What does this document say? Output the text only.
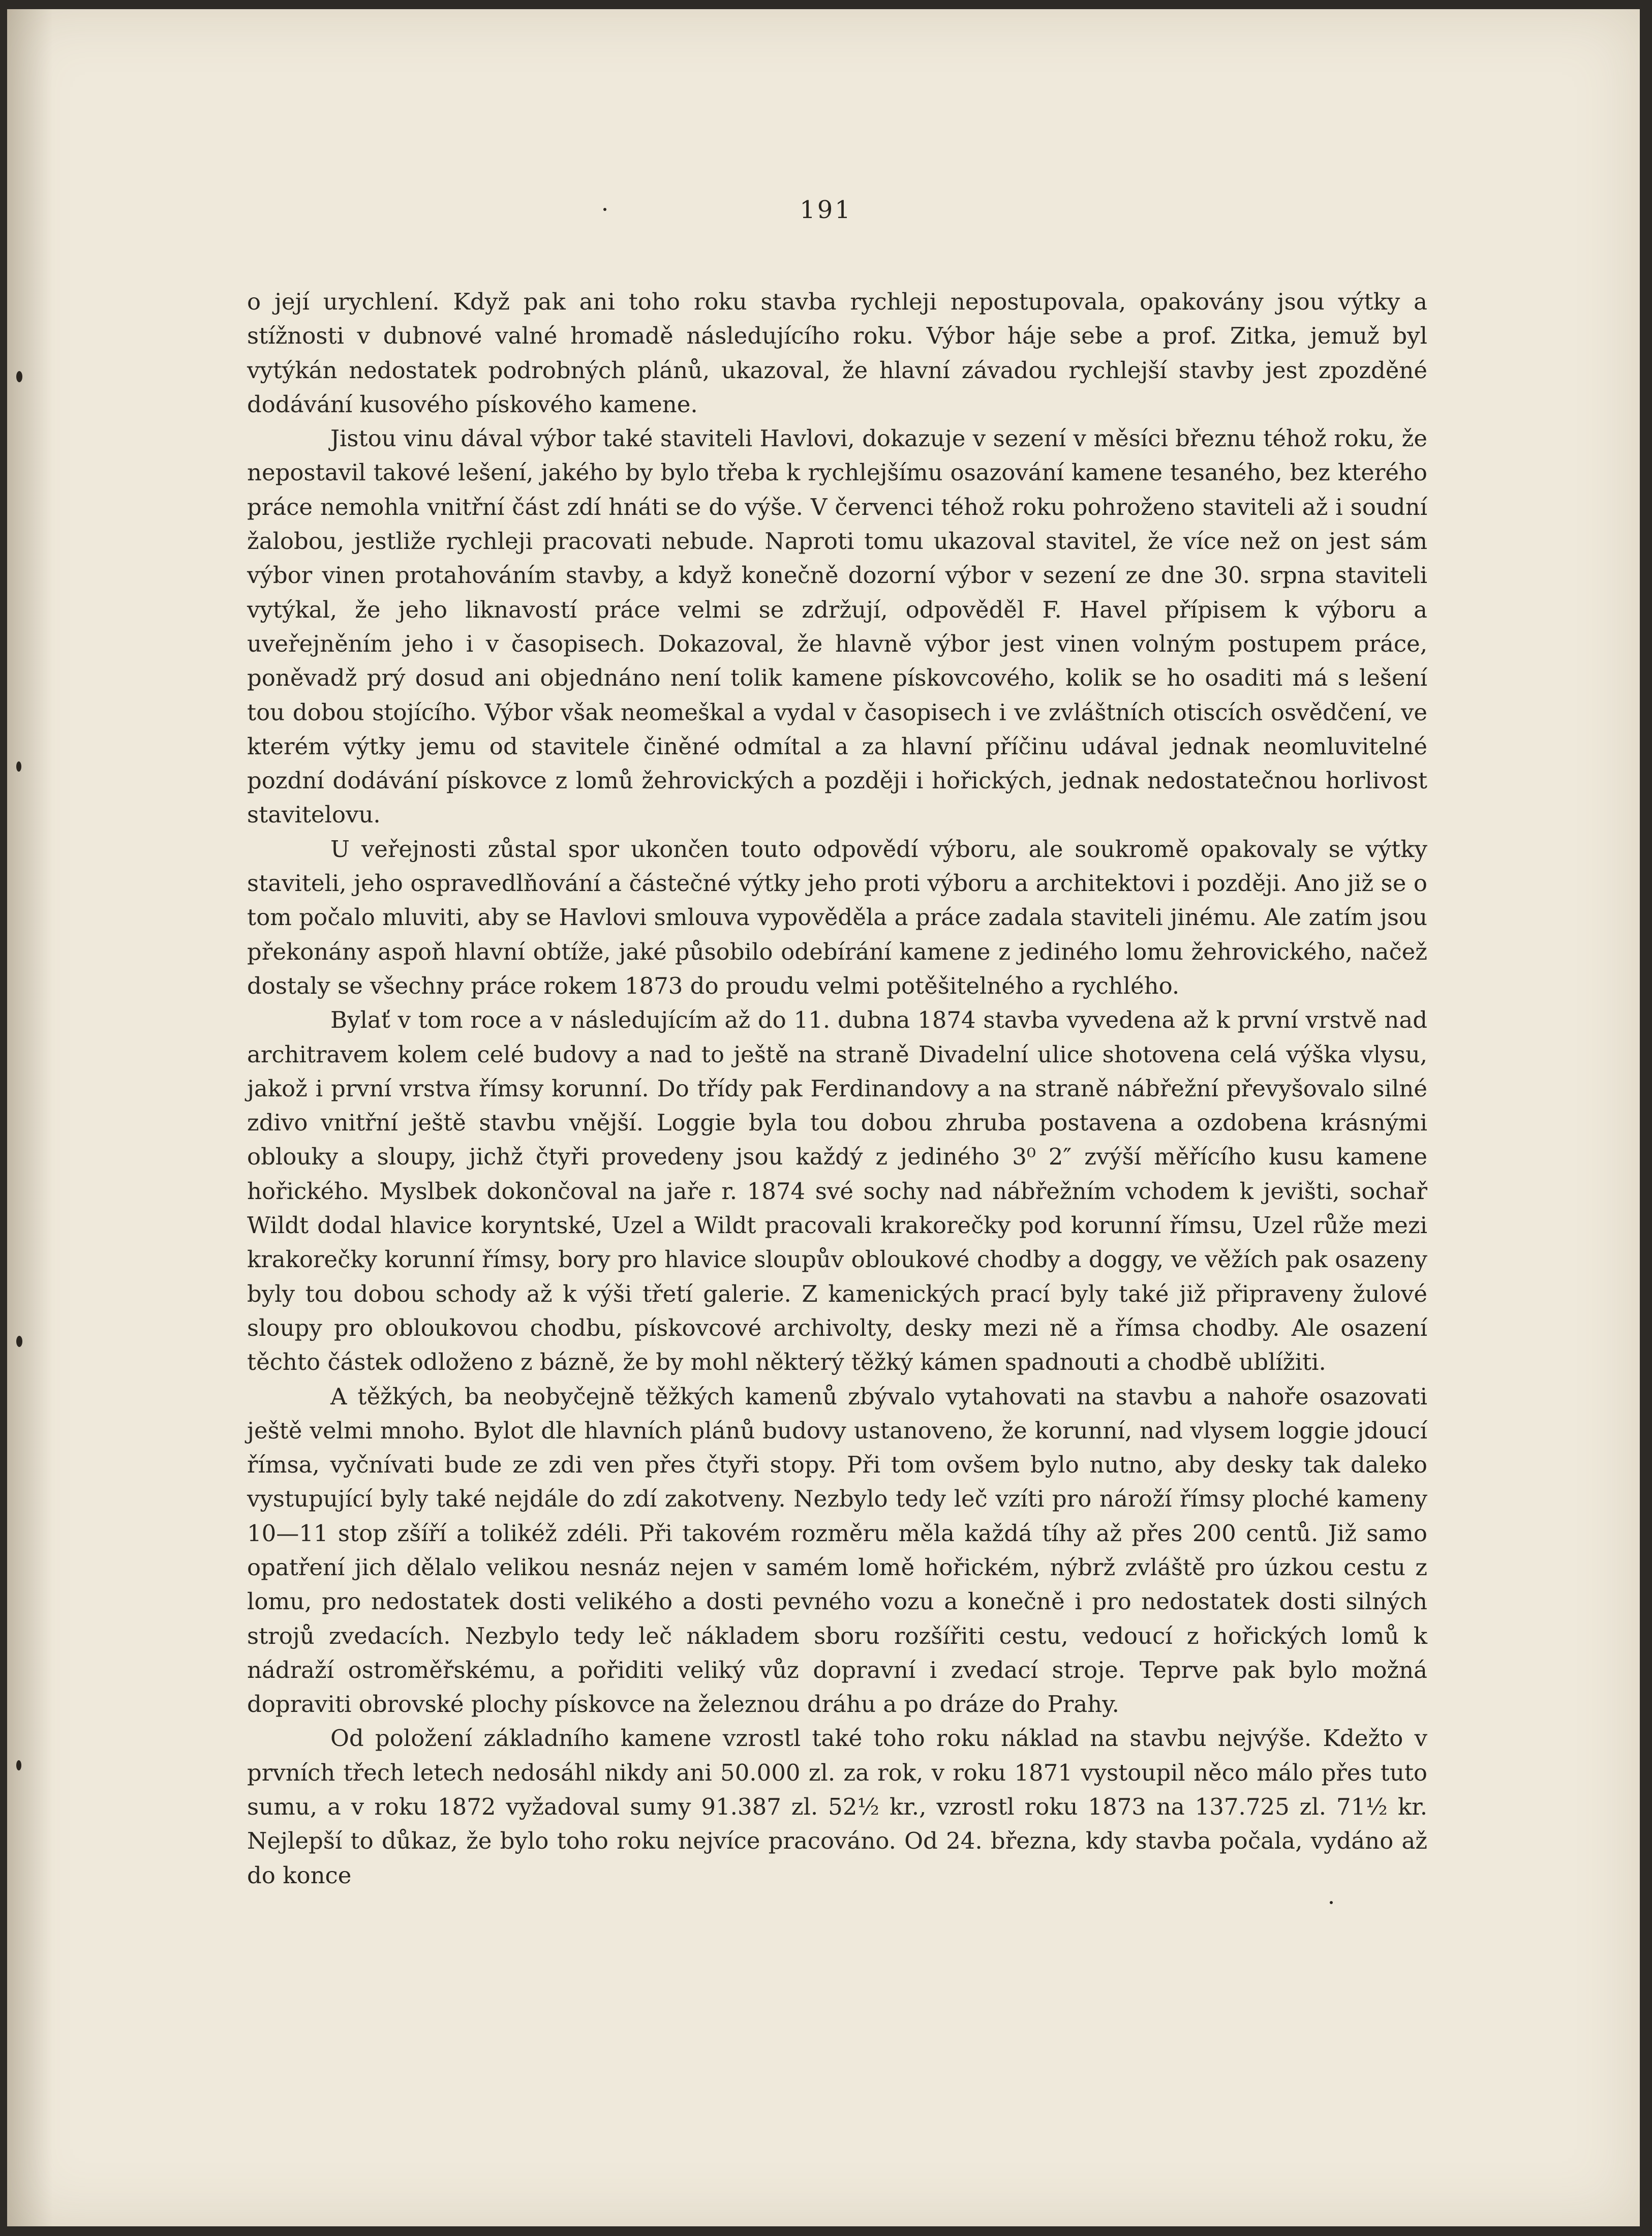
191

o její urychlení. Když pak ani toho roku stavba rychleji nepostupovala, opakovány jsou výtky a stížnosti v dubnové valné hromadě následujícího roku. Výbor háje sebe a prof. Zitka, jemuž byl vytýkán nedostatek podrobných plánů, ukazoval, že hlavní závadou rychlejší stavby jest zpozděné dodávání kusového pískového kamene.

Jistou vinu dával výbor také staviteli Havlovi, dokazuje v sezení v měsíci březnu téhož roku, že nepostavil takové lešení, jakého by bylo třeba k rychlejšímu osazování kamene tesaného, bez kterého práce nemohla vnitřní část zdí hnáti se do výše. V červenci téhož roku pohroženo staviteli až i soudní žalobou, jestliže rychleji pracovati nebude. Naproti tomu ukazoval stavitel, že více než on jest sám výbor vinen protahováním stavby, a když konečně dozorní výbor v sezení ze dne 30. srpna staviteli vytýkal, že jeho liknavostí práce velmi se zdržují, odpověděl F. Havel přípisem k výboru a uveřejněním jeho i v časopisech. Dokazoval, že hlavně výbor jest vinen volným postupem práce, poněvadž prý dosud ani objednáno není tolik kamene pískovcového, kolik se ho osaditi má s lešení tou dobou stojícího. Výbor však neomeškal a vydal v časopisech i ve zvláštních otiscích osvědčení, ve kterém výtky jemu od stavitele činěné odmítal a za hlavní příčinu udával jednak neomluvitelné pozdní dodávání pískovce z lomů žehrovických a později i hořických, jednak nedostatečnou horlivost stavitelovu.

U veřejnosti zůstal spor ukončen touto odpovědí výboru, ale soukromě opakovaly se výtky staviteli, jeho ospravedlňování a částečné výtky jeho proti výboru a architektovi i později. Ano již se o tom počalo mluviti, aby se Havlovi smlouva vypověděla a práce zadala staviteli jinému. Ale zatím jsou překonány aspoň hlavní obtíže, jaké působilo odebírání kamene z jediného lomu žehrovického, načež dostaly se všechny práce rokem 1873 do proudu velmi potěšitelného a rychlého.

Bylať v tom roce a v následujícím až do 11. dubna 1874 stavba vyvedena až k první vrstvě nad architravem kolem celé budovy a nad to ještě na straně Divadelní ulice shotovena celá výška vlysu, jakož i první vrstva římsy korunní. Do třídy pak Ferdinandovy a na straně nábřežní převyšovalo silné zdivo vnitřní ještě stavbu vnější. Loggie byla tou dobou zhruba postavena a ozdobena krásnými oblouky a sloupy, jichž čtyři provedeny jsou každý z jediného 3⁰ 2″ zvýší měřícího kusu kamene hořického. Myslbek dokončoval na jaře r. 1874 své sochy nad nábřežním vchodem k jevišti, sochař Wildt dodal hlavice koryntské, Uzel a Wildt pracovali krakorečky pod korunní římsu, Uzel růže mezi krakorečky korunní římsy, bory pro hlavice sloupův obloukové chodby a doggy, ve věžích pak osazeny byly tou dobou schody až k výši třetí galerie. Z kamenických prací byly také již připraveny žulové sloupy pro obloukovou chodbu, pískovcové archivolty, desky mezi ně a římsa chodby. Ale osazení těchto částek odloženo z bázně, že by mohl některý těžký kámen spadnouti a chodbě ublížiti.

A těžkých, ba neobyčejně těžkých kamenů zbývalo vytahovati na stavbu a nahoře osazovati ještě velmi mnoho. Bylot dle hlavních plánů budovy ustanoveno, že korunní, nad vlysem loggie jdoucí římsa, vyčnívati bude ze zdi ven přes čtyři stopy. Při tom ovšem bylo nutno, aby desky tak daleko vystupující byly také nejdále do zdí zakotveny. Nezbylo tedy leč vzíti pro nároží římsy ploché kameny 10—11 stop zšíří a tolikéž zdéli. Při takovém rozměru měla každá tíhy až přes 200 centů. Již samo opatření jich dělalo velikou nesnáz nejen v samém lomě hořickém, nýbrž zvláště pro úzkou cestu z lomu, pro nedostatek dosti velikého a dosti pevného vozu a konečně i pro nedostatek dosti silných strojů zvedacích. Nezbylo tedy leč nákladem sboru rozšířiti cestu, vedoucí z hořických lomů k nádraží ostroměřskému, a pořiditi veliký vůz dopravní i zvedací stroje. Teprve pak bylo možná dopraviti obrovské plochy pískovce na železnou dráhu a po dráze do Prahy.

Od položení základního kamene vzrostl také toho roku náklad na stavbu nejvýše. Kdežto v prvních třech letech nedosáhl nikdy ani 50.000 zl. za rok, v roku 1871 vystoupil něco málo přes tuto sumu, a v roku 1872 vyžadoval sumy 91.387 zl. 52½ kr., vzrostl roku 1873 na 137.725 zl. 71½ kr. Nejlepší to důkaz, že bylo toho roku nejvíce pracováno. Od 24. března, kdy stavba počala, vydáno až do konce
